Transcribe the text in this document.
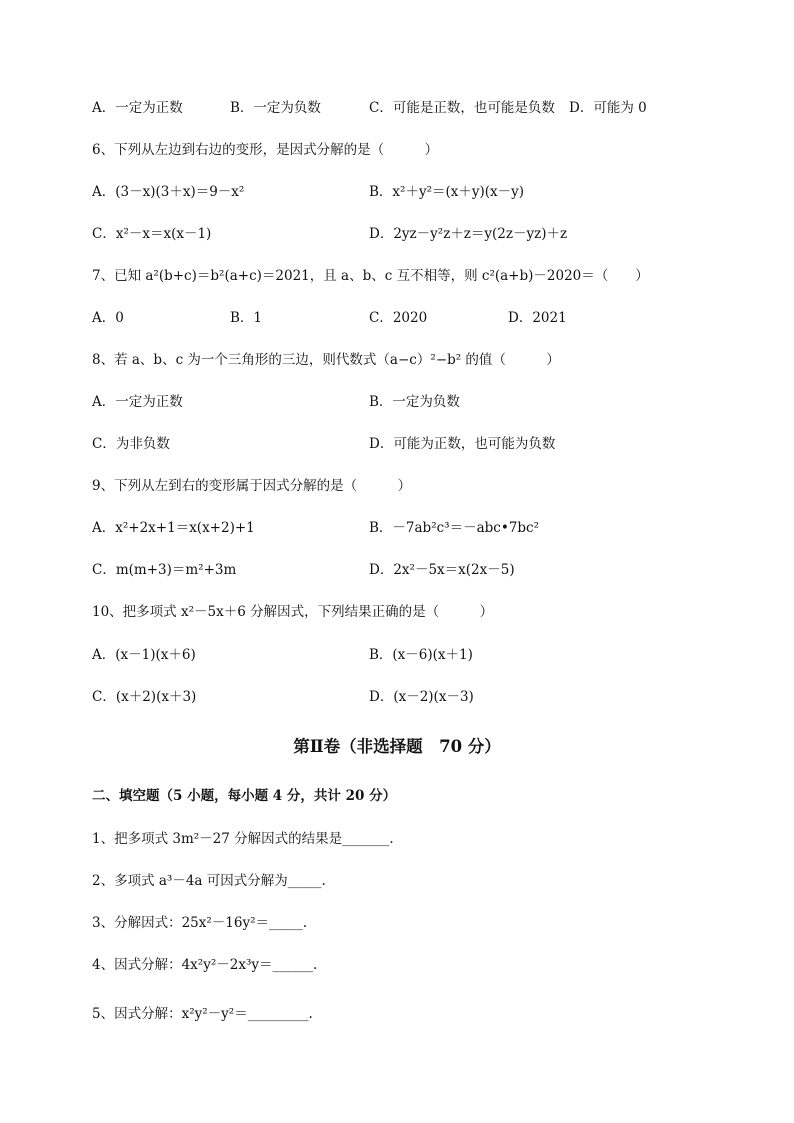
A．一定为正数	B．一定为负数	C．可能是正数，也可能是负数 D．可能为 0
6、下列从左边到右边的变形，是因式分解的是（　　　）
A．(3－x)(3＋x)＝9－x²	B．x²＋y²＝(x＋y)(x－y)
C．x²－x＝x(x－1)	D．2yz－y²z＋z＝y(2z－yz)＋z
7、已知 a²(b+c)＝b²(a+c)＝2021，且 a、b、c 互不相等，则 c²(a+b)－2020＝（　　）
A．0	B．1	C．2020	D．2021
8、若 a、b、c 为一个三角形的三边，则代数式（a−c）²−b² 的值（　　　）
A．一定为正数	B．一定为负数
C．为非负数	D．可能为正数，也可能为负数
9、下列从左到右的变形属于因式分解的是（　　　）
A．x²+2x+1＝x(x+2)+1	B．－7ab²c³＝－abc•7bc²
C．m(m+3)＝m²+3m	D．2x²－5x＝x(2x－5)
10、把多项式 x²－5x＋6 分解因式，下列结果正确的是（　　　）
A．(x－1)(x＋6)	B．(x－6)(x＋1)
C．(x＋2)(x＋3)	D．(x－2)(x－3)
第Ⅱ卷（非选择题　70 分）
二、填空题（5 小题，每小题 4 分，共计 20 分）
1、把多项式 3m²－27 分解因式的结果是_______.
2、多项式 a³－4a 可因式分解为_____.
3、分解因式：25x²－16y²＝_____.
4、因式分解：4x²y²－2x³y＝______.
5、因式分解：x²y²－y²＝_________.
